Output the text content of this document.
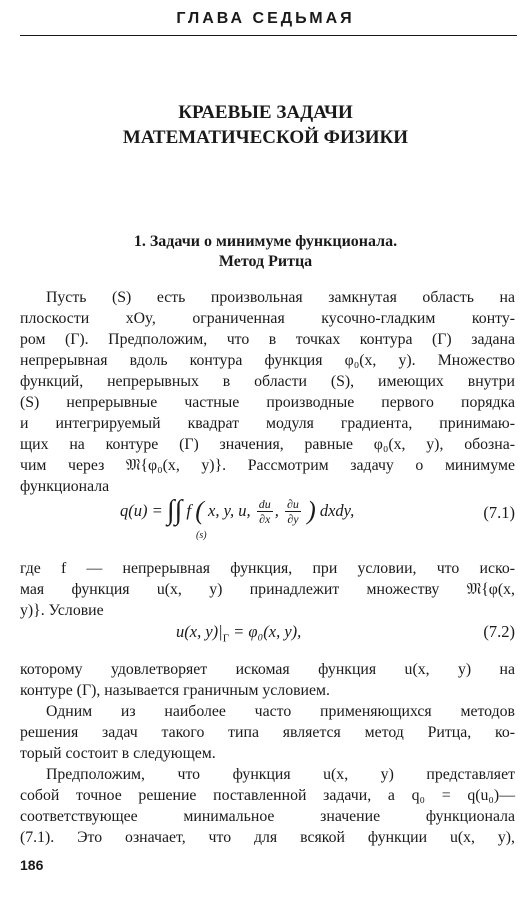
ГЛАВА СЕДЬМАЯ
КРАЕВЫЕ ЗАДАЧИ
МАТЕМАТИЧЕСКОЙ ФИЗИКИ
1. Задачи о минимуме функционала.
Метод Ритца
Пусть (S) есть произвольная замкнутая область на
плоскости xOy, ограниченная кусочно-гладким конту-
ром (Г). Предположим, что в точках контура (Г) задана
непрерывная вдоль контура функция φ₀(x, y). Множество
функций, непрерывных в области (S), имеющих внутри
(S) непрерывные частные производные первого порядка
и интегрируемый квадрат модуля градиента, принимаю-
щих на контуре (Г) значения, равные φ₀(x, y), обозна-
чим через 𝔐{φ₀(x, y)}. Рассмотрим задачу о минимуме
функционала
q(u) = ∫∫ f ( x, y, u, $\frac{du}{\partial x}$ , $\frac{\partial u}{\partial y}$ ) dxdy,
(s)
(7.1)
где f — непрерывная функция, при условии, что иско-
мая функция u(x, y) принадлежит множеству 𝔐{φ(x,
y)}. Условие
u(x, $y)|_Г = \varphi_0(x$, y),	(7.2)
которому удовлетворяет искомая функция u(x, y) на
контуре (Г), называется граничным условием.
Одним из наиболее часто применяющихся методов
решения задач такого типа является метод Ритца, ко-
торый состоит в следующем.
Предположим, что функция u(x, y) представляет
собой точное решение поставленной задачи, а q₀ = q(u₀)—
соответствующее минимальное значение функционала
(7.1). Это означает, что для всякой функции u(x, y),
186
